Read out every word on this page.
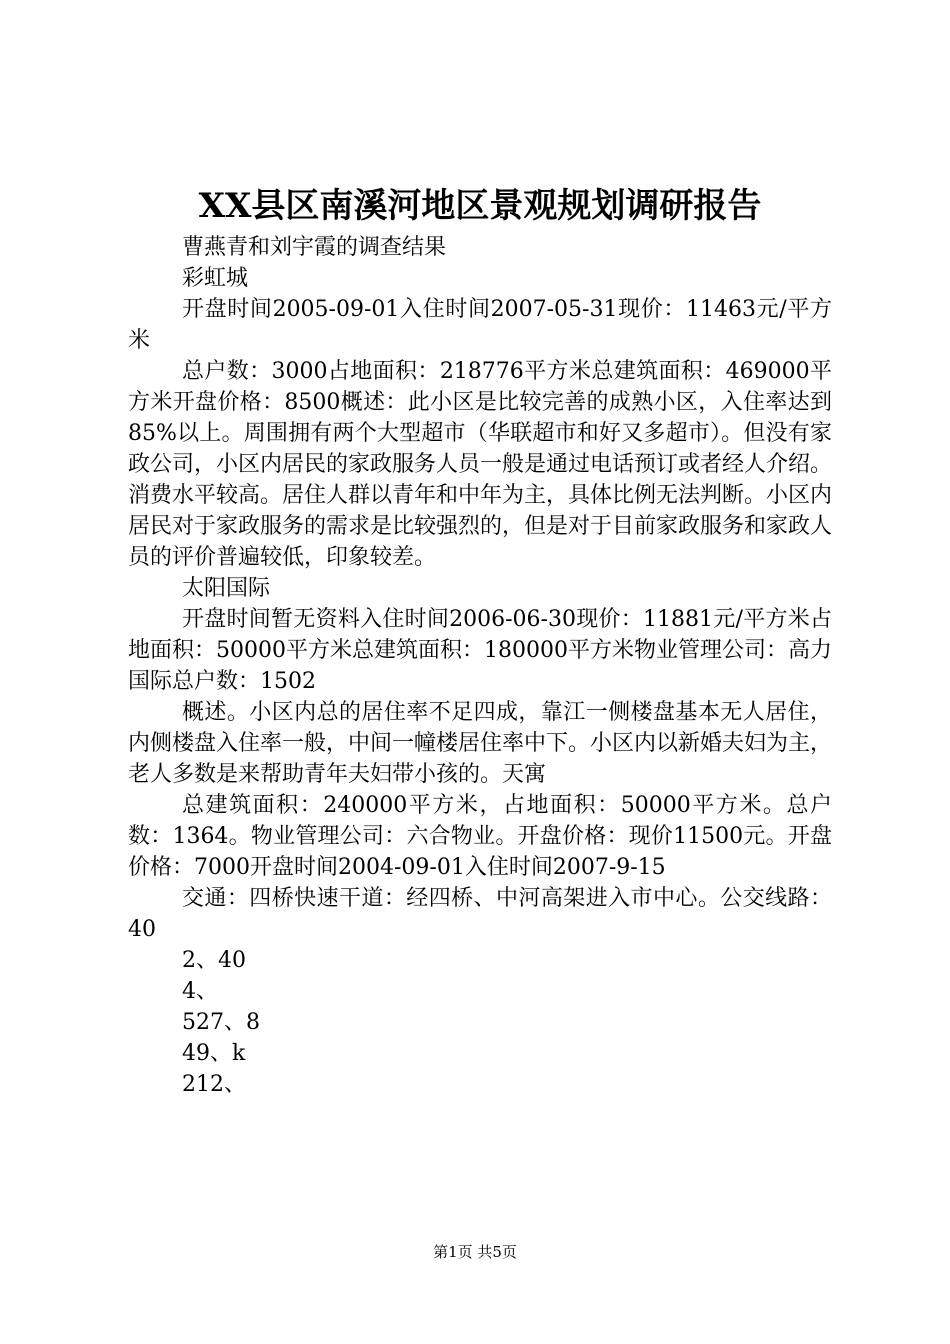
XX县区南溪河地区景观规划调研报告

曹燕青和刘宇霞的调查结果

彩虹城

开盘时间2005-09-01入住时间2007-05-31现价：11463元/平方米

总户数：3000占地面积：218776平方米总建筑面积：469000平方米开盘价格：8500概述：此小区是比较完善的成熟小区，入住率达到85%以上。周围拥有两个大型超市（华联超市和好又多超市）。但没有家政公司，小区内居民的家政服务人员一般是通过电话预订或者经人介绍。消费水平较高。居住人群以青年和中年为主，具体比例无法判断。小区内居民对于家政服务的需求是比较强烈的，但是对于目前家政服务和家政人员的评价普遍较低，印象较差。

太阳国际

开盘时间暂无资料入住时间2006-06-30现价：11881元/平方米占地面积：50000平方米总建筑面积：180000平方米物业管理公司：高力国际总户数：1502

概述。小区内总的居住率不足四成，靠江一侧楼盘基本无人居住，内侧楼盘入住率一般，中间一幢楼居住率中下。小区内以新婚夫妇为主，老人多数是来帮助青年夫妇带小孩的。天寓

总建筑面积：240000平方米，占地面积：50000平方米。总户数：1364。物业管理公司：六合物业。开盘价格：现价11500元。开盘价格：7000开盘时间2004-09-01入住时间2007-9-15

交通：四桥快速干道：经四桥、中河高架进入市中心。公交线路：40

2、40

4、

527、8

49、k

212、

第1页 共5页
